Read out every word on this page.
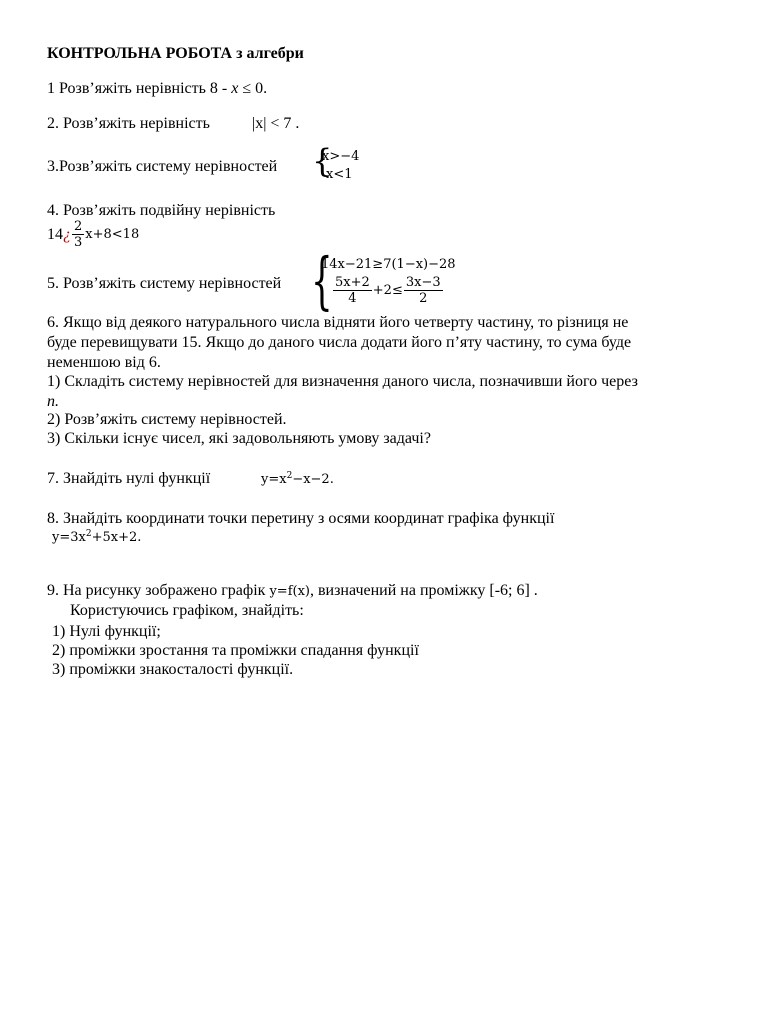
КОНТРОЛЬНА РОБОТА з алгебри
1 Розв’яжіть нерівність 8 - x ≤ 0.
2. Розв’яжіть нерівність	|x| < 7 .
3.Розв’яжіть систему нерівностей {
x>−4
x<1
4. Розв’яжіть подвійну нерівність
14 ¿ $\frac{2}{3} x+8<18$
5. Розв’яжіть систему нерівностей {
14x−21≥7(1−x)−28
$\frac{5x+2}{4} +2\le \frac{3x-3}{2}$
6. Якщо від деякого натурального числа відняти його четверту частину, то різниця не
буде перевищувати 15. Якщо до даного числа додати його п’яту частину, то сума буде
неменшою від 6.
1) Складіть систему нерівностей для визначення даного числа, позначивши його через
n.
2) Розв’яжіть систему нерівностей.
3) Скільки існує чисел, які задовольняють умову задачі?
7. Знайдіть нулі функції	$y=x^2-x-2$.
8. Знайдіть координати точки перетину з осями координат графіка функції
$y=3x^2+5x+2$.
9. На рисунку зображено графік y=f(x), визначений на проміжку [-6; 6] .
Користуючись графіком, знайдіть:
1) Нулі функції;
2) проміжки зростання та проміжки спадання функції
3) проміжки знакосталості функції.
